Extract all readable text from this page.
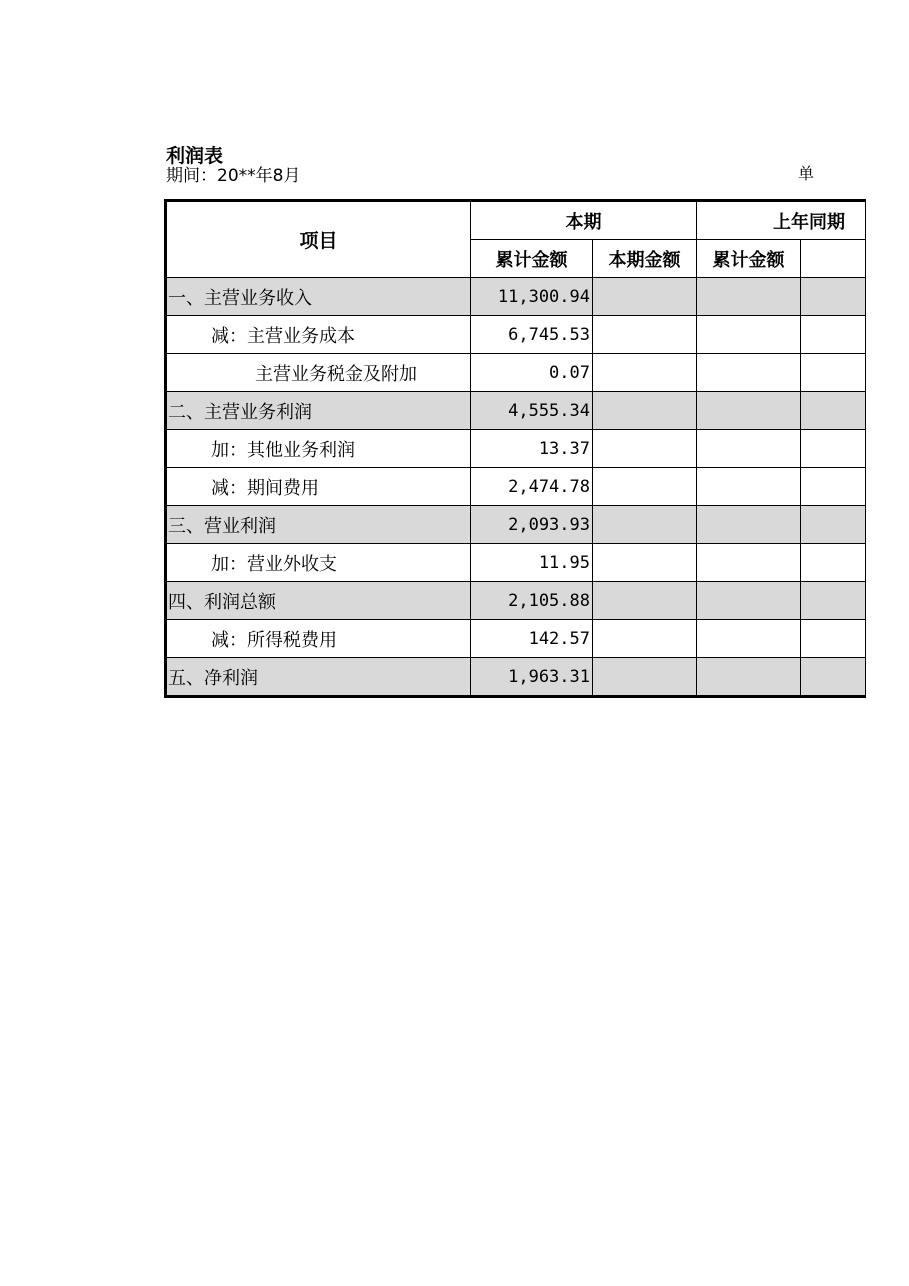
利润表
期间：20**年8月	单
项目	本期		上年同期	
	累计金额	本期金额	累计金额	
一、主营业务收入	11,300.94			
减：主营业务成本	6,745.53			
主营业务税金及附加	0.07			
二、主营业务利润	4,555.34			
加：其他业务利润	13.37			
减：期间费用	2,474.78			
三、营业利润	2,093.93			
加：营业外收支	11.95			
四、利润总额	2,105.88			
减：所得税费用	142.57			
五、净利润	1,963.31			
